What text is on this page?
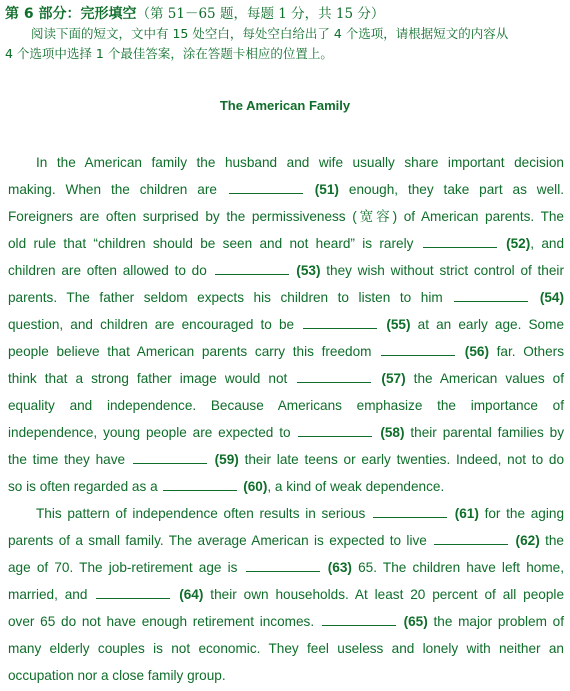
第 6 部分：完形填空（第 51－65 题，每题 1 分，共 15 分）
阅读下面的短文，文中有 15 处空白，每处空白给出了 4 个选项，请根据短文的内容从
4 个选项中选择 1 个最佳答案，涂在答题卡相应的位置上。
The American Family
In the American family the husband and wife usually share important decision
making. When the children are	(51) enough, they take part as well.
Foreigners are often surprised by the permissiveness (宽容) of American parents. The
old rule that “children should be seen and not heard” is rarely	(52), and
children are often allowed to do	(53) they wish without strict control of their
parents. The father seldom expects his children to listen to him	(54)
question, and children are encouraged to be	(55) at an early age. Some
people believe that American parents carry this freedom	(56) far. Others
think that a strong father image would not	(57) the American values of
equality and independence. Because Americans emphasize the importance of
independence, young people are expected to	(58) their parental families by
the time they have	(59) their late teens or early twenties. Indeed, not to do
so is often regarded as a	(60), a kind of weak dependence.
This pattern of independence often results in serious	(61) for the aging
parents of a small family. The average American is expected to live	(62) the
age of 70. The job-retirement age is	(63) 65. The children have left home,
married, and	(64) their own households. At least 20 percent of all people
over 65 do not have enough retirement incomes.	(65) the major problem of
many elderly couples is not economic. They feel useless and lonely with neither an
occupation nor a close family group.
